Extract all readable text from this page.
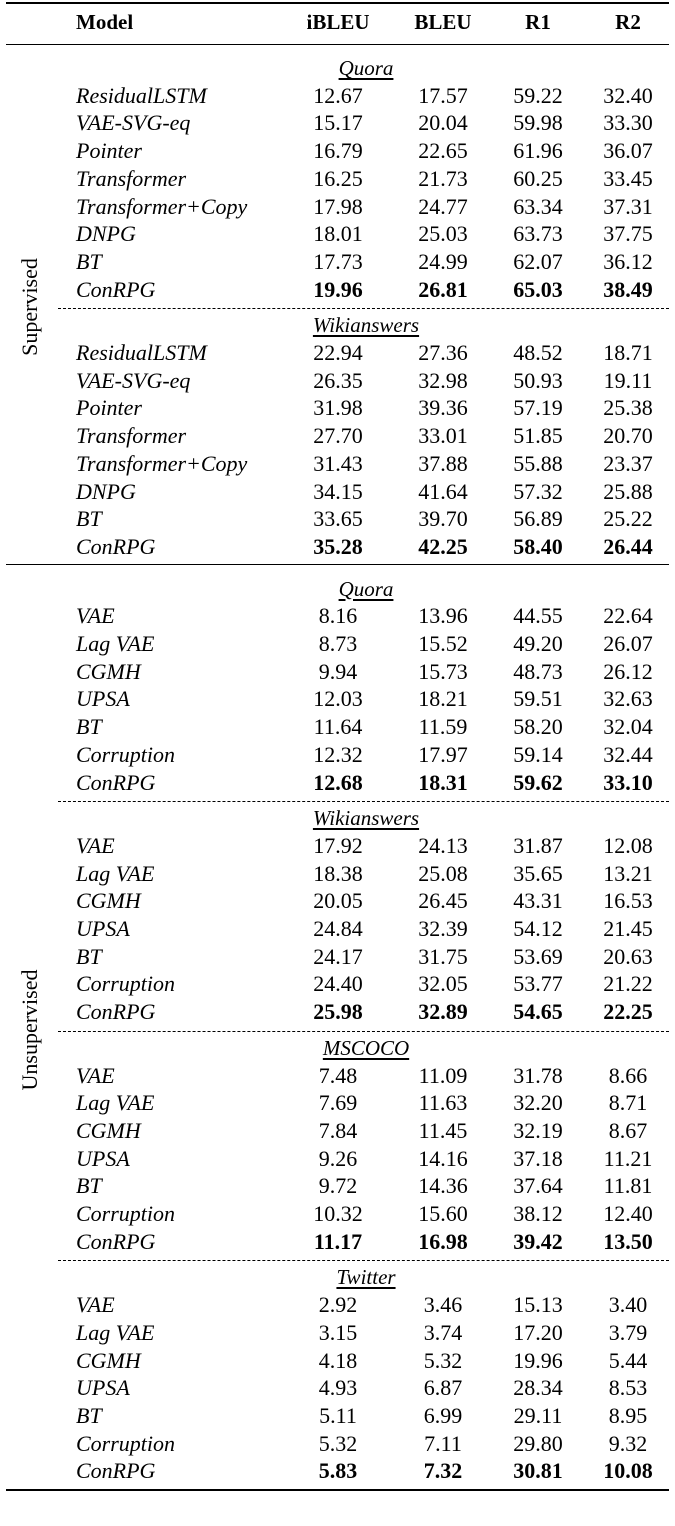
Model	iBLEU	BLEU	R1	R2
Quora
ResidualLSTM	12.67	17.57	59.22	32.40
VAE-SVG-eq	15.17	20.04	59.98	33.30
Pointer	16.79	22.65	61.96	36.07
Transformer	16.25	21.73	60.25	33.45
Transformer+Copy	17.98	24.77	63.34	37.31
DNPG	18.01	25.03	63.73	37.75
BT	17.73	24.99	62.07	36.12
ConRPG	19.96	26.81	65.03	38.49
Wikianswers
ResidualLSTM	22.94	27.36	48.52	18.71
VAE-SVG-eq	26.35	32.98	50.93	19.11
Pointer	31.98	39.36	57.19	25.38
Transformer	27.70	33.01	51.85	20.70
Transformer+Copy	31.43	37.88	55.88	23.37
DNPG	34.15	41.64	57.32	25.88
BT	33.65	39.70	56.89	25.22
ConRPG	35.28	42.25	58.40	26.44
Supervised
Quora
VAE	8.16	13.96	44.55	22.64
Lag VAE	8.73	15.52	49.20	26.07
CGMH	9.94	15.73	48.73	26.12
UPSA	12.03	18.21	59.51	32.63
BT	11.64	11.59	58.20	32.04
Corruption	12.32	17.97	59.14	32.44
ConRPG	12.68	18.31	59.62	33.10
Wikianswers
VAE	17.92	24.13	31.87	12.08
Lag VAE	18.38	25.08	35.65	13.21
CGMH	20.05	26.45	43.31	16.53
UPSA	24.84	32.39	54.12	21.45
BT	24.17	31.75	53.69	20.63
Corruption	24.40	32.05	53.77	21.22
ConRPG	25.98	32.89	54.65	22.25
MSCOCO
VAE	7.48	11.09	31.78	8.66
Lag VAE	7.69	11.63	32.20	8.71
CGMH	7.84	11.45	32.19	8.67
UPSA	9.26	14.16	37.18	11.21
BT	9.72	14.36	37.64	11.81
Corruption	10.32	15.60	38.12	12.40
ConRPG	11.17	16.98	39.42	13.50
Twitter
VAE	2.92	3.46	15.13	3.40
Lag VAE	3.15	3.74	17.20	3.79
CGMH	4.18	5.32	19.96	5.44
UPSA	4.93	6.87	28.34	8.53
BT	5.11	6.99	29.11	8.95
Corruption	5.32	7.11	29.80	9.32
ConRPG	5.83	7.32	30.81	10.08
Unsupervised
